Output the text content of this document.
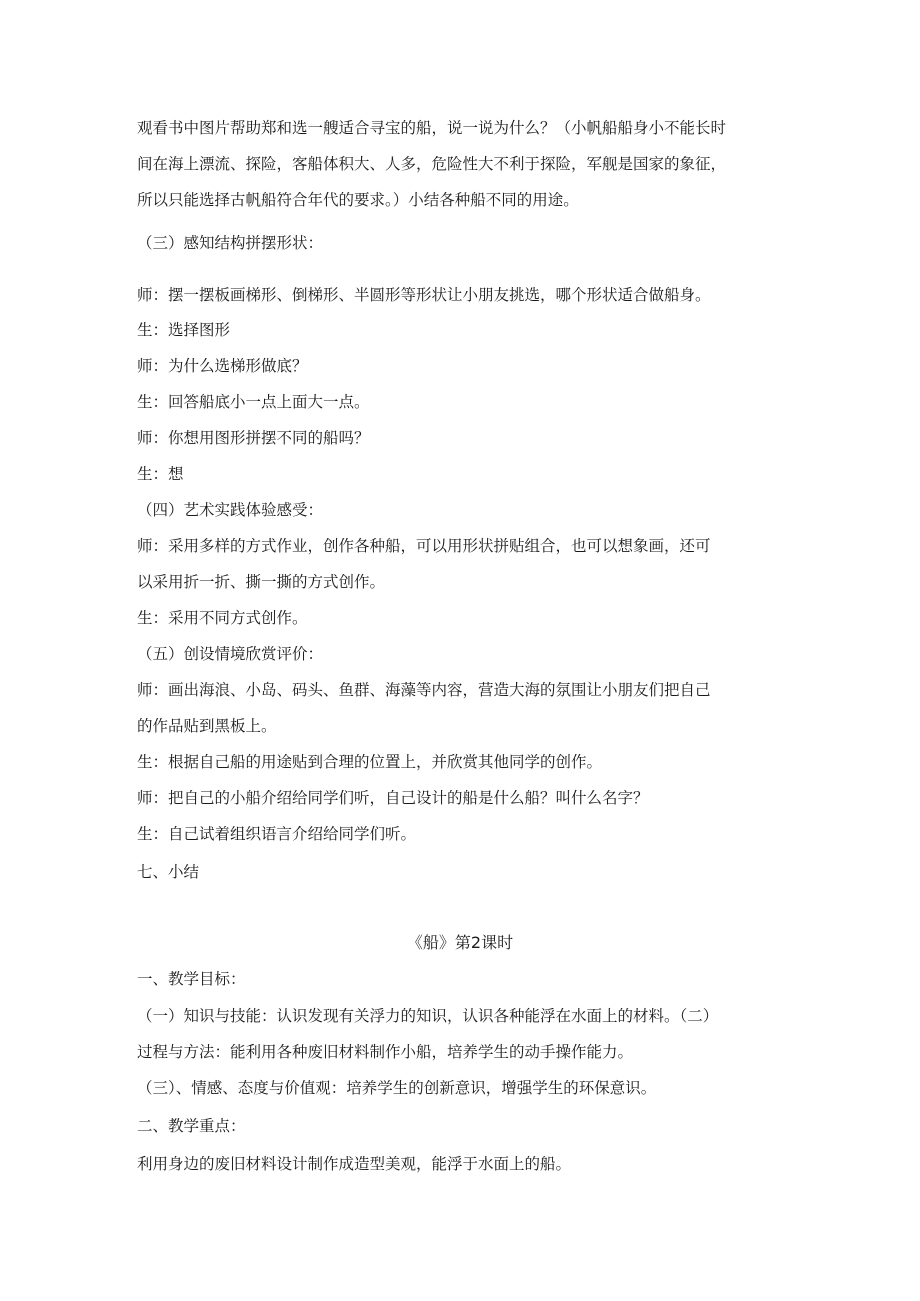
观看书中图片帮助郑和选一艘适合寻宝的船，说一说为什么？（小帆船船身小不能长时
间在海上漂流、探险，客船体积大、人多，危险性大不利于探险，军舰是国家的象征，
所以只能选择古帆船符合年代的要求。）小结各种船不同的用途。
（三）感知结构拼摆形状：
师：摆一摆板画梯形、倒梯形、半圆形等形状让小朋友挑选，哪个形状适合做船身。
生：选择图形
师：为什么选梯形做底？
生：回答船底小一点上面大一点。
师：你想用图形拼摆不同的船吗？
生：想
（四）艺术实践体验感受：
师：采用多样的方式作业，创作各种船，可以用形状拼贴组合，也可以想象画，还可
以采用折一折、撕一撕的方式创作。
生：采用不同方式创作。
（五）创设情境欣赏评价：
师：画出海浪、小岛、码头、鱼群、海藻等内容，营造大海的氛围让小朋友们把自己
的作品贴到黑板上。
生：根据自己船的用途贴到合理的位置上，并欣赏其他同学的创作。
师：把自己的小船介绍给同学们听，自己设计的船是什么船？叫什么名字？
生：自己试着组织语言介绍给同学们听。
七、小结
《船》第2课时
一、教学目标：
（一）知识与技能：认识发现有关浮力的知识，认识各种能浮在水面上的材料。（二）
过程与方法：能利用各种废旧材料制作小船，培养学生的动手操作能力。
（三）、情感、态度与价值观：培养学生的创新意识，增强学生的环保意识。
二、教学重点：
利用身边的废旧材料设计制作成造型美观，能浮于水面上的船。
